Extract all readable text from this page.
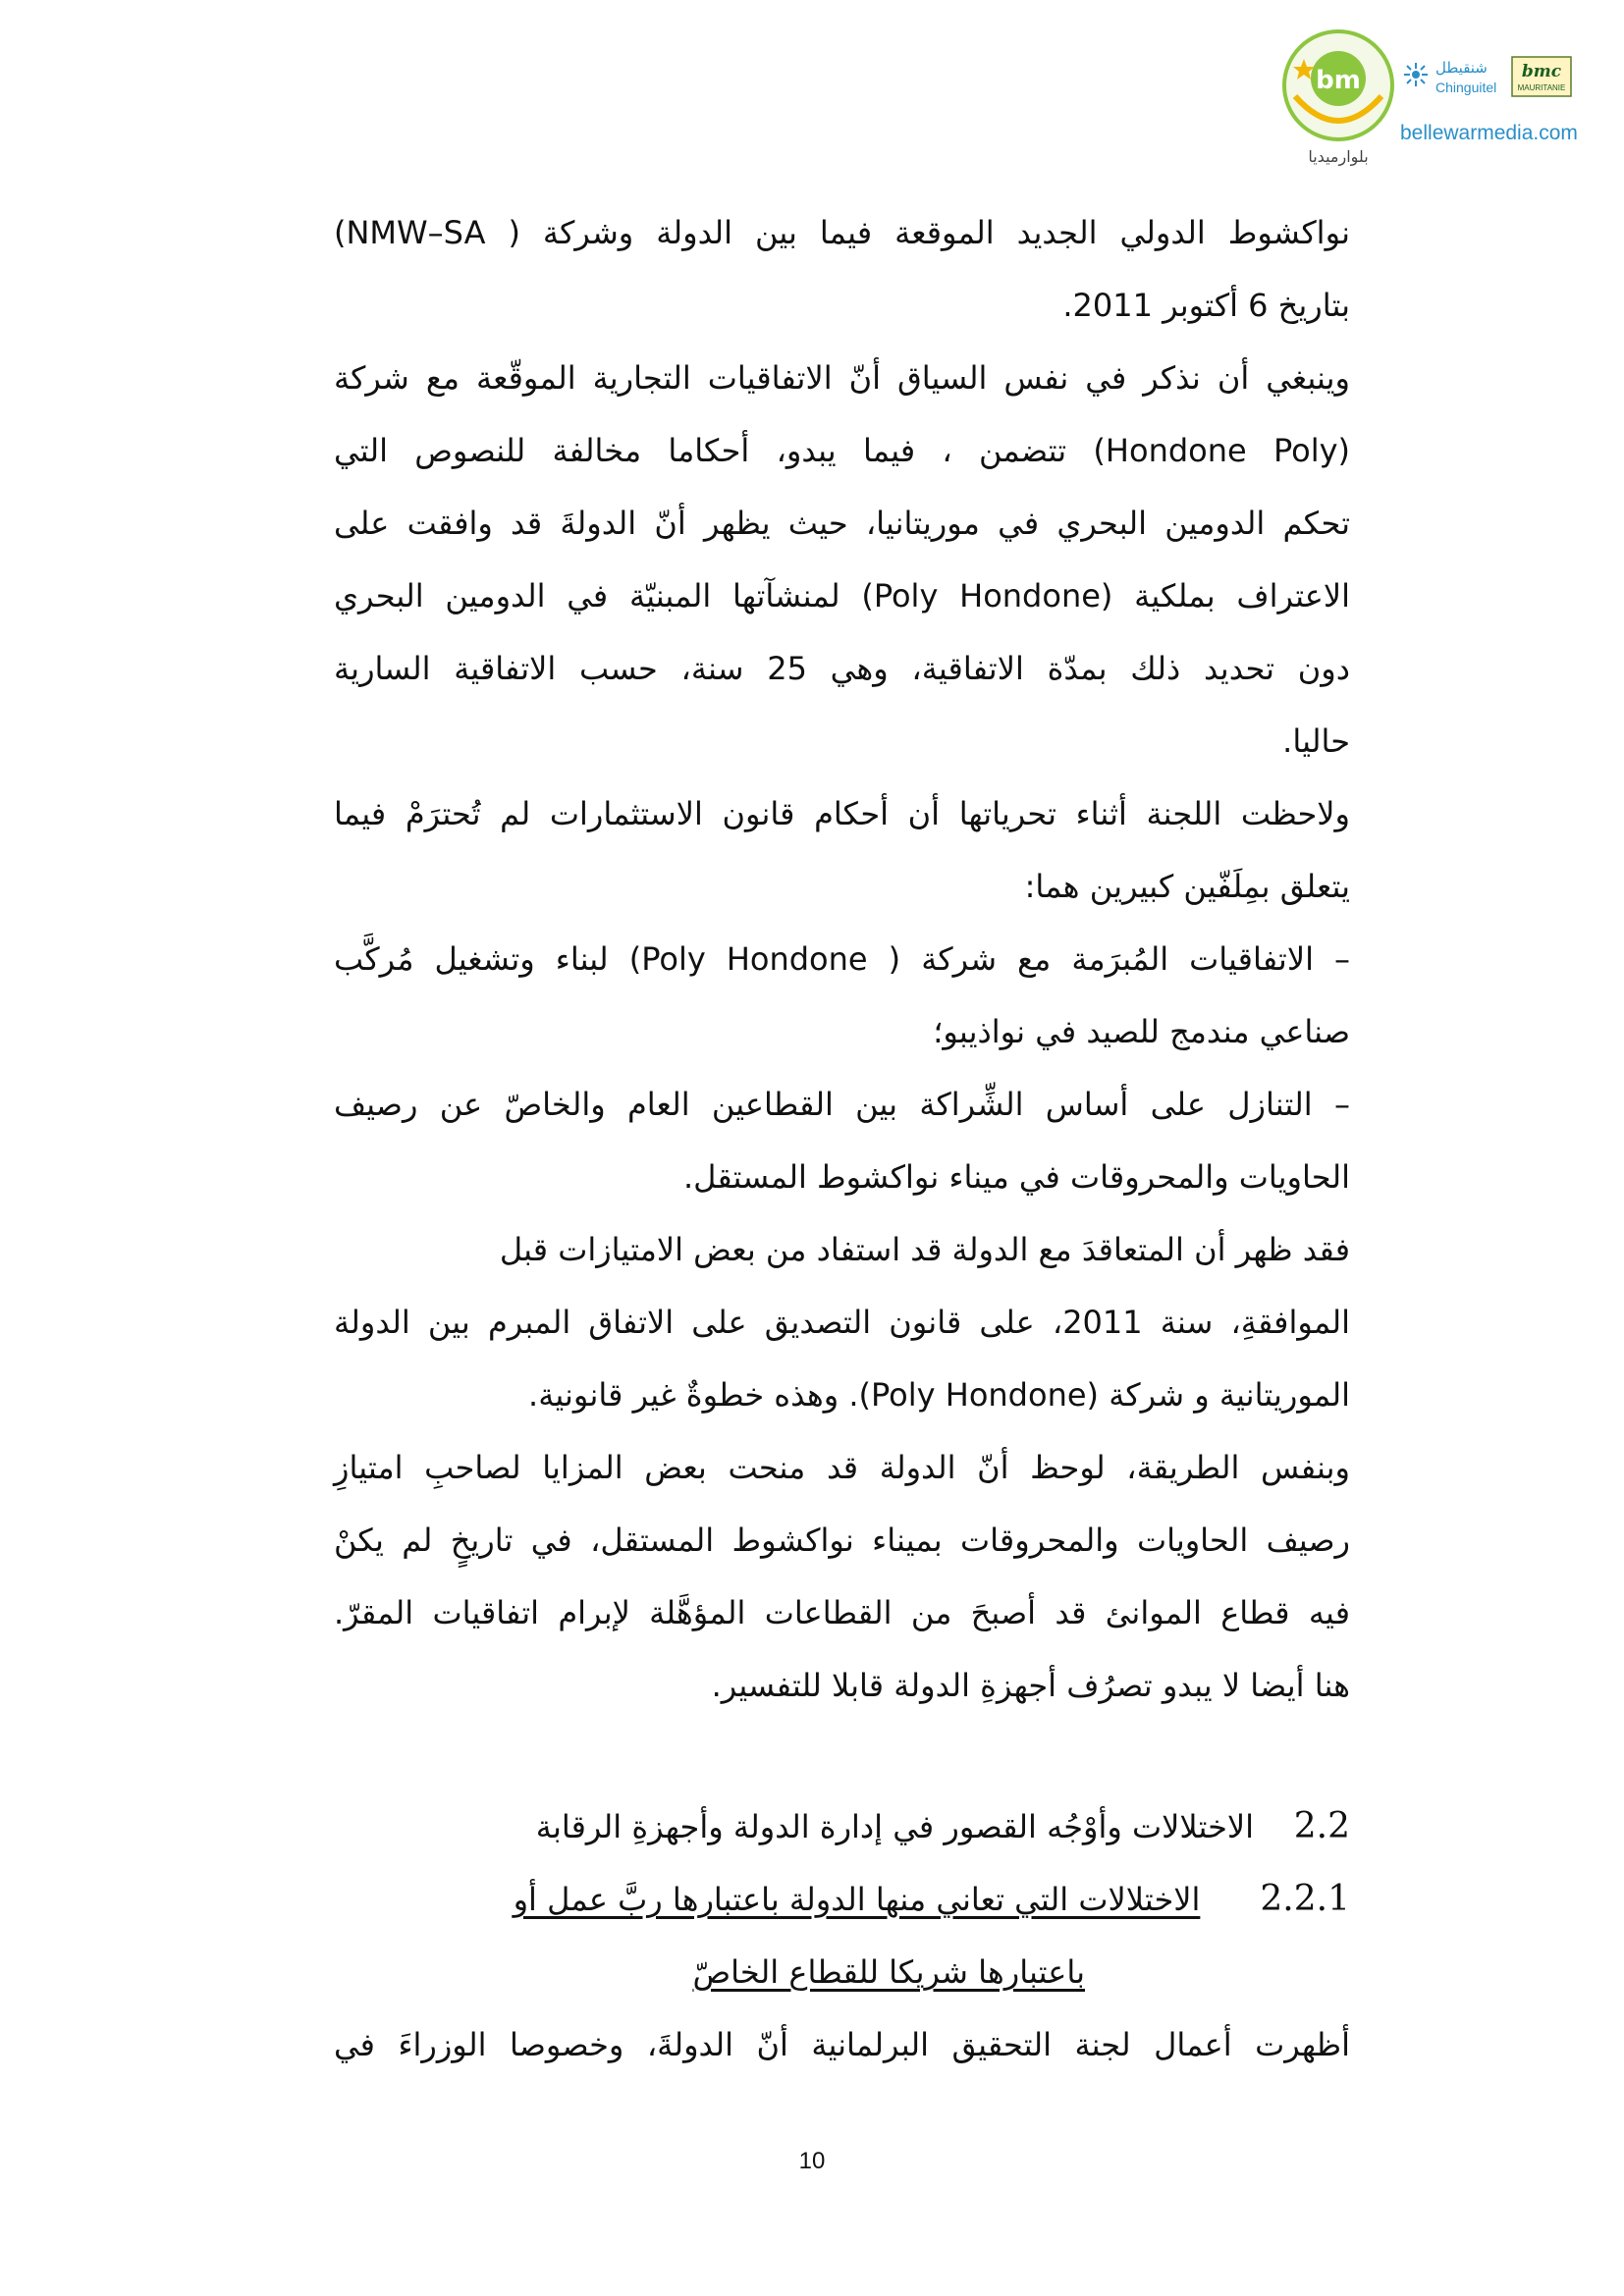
bm
بلوارميديا
شنقيطل
Chinguitel
bmc
MAURITANIE
bellewarmedia.com
نواكشوط الدولي الجديد الموقعة فيما بين الدولة وشركة ( NMW–SA)
بتاريخ 6 أكتوبر 2011.
وينبغي أن نذكر في نفس السياق أنّ الاتفاقيات التجارية الموقّعة مع شركة
(Hondone Poly) تتضمن ، فيما يبدو، أحكاما مخالفة للنصوص التي
تحكم الدومين البحري في موريتانيا، حيث يظهر أنّ الدولةَ قد وافقت على
الاعتراف بملكية (Poly Hondone) لمنشآتها المبنيّة في الدومين البحري
دون تحديد ذلك بمدّة الاتفاقية، وهي 25 سنة، حسب الاتفاقية السارية
حاليا.
ولاحظت اللجنة أثناء تحرياتها أن أحكام قانون الاستثمارات لم تُحترَمْ فيما
يتعلق بمِلَفّين كبيرين هما:
– الاتفاقيات المُبرَمة مع شركة ( Poly Hondone) لبناء وتشغيل مُركَّب
صناعي مندمج للصيد في نواذيبو؛
– التنازل على أساس الشِّراكة بين القطاعين العام والخاصّ عن رصيف
الحاويات والمحروقات في ميناء نواكشوط المستقل.
فقد ظهر أن المتعاقدَ مع الدولة قد استفاد من بعض الامتيازات قبل
الموافقةِ، سنة 2011، على قانون التصديق على الاتفاق المبرم بين الدولة
الموريتانية و شركة (Poly Hondone). وهذه خطوةٌ غير قانونية.
وبنفس الطريقة، لوحظ أنّ الدولة قد منحت بعض المزايا لصاحبِ امتيازِ
رصيف الحاويات والمحروقات بميناء نواكشوط المستقل، في تاريخٍ لم يكنْ
فيه قطاع الموانئ قد أصبحَ من القطاعات المؤهَّلة لإبرام اتفاقيات المقرّ.
هنا أيضا لا يبدو تصرُف أجهزةِ الدولة قابلا للتفسير.
2.2    الاختلالات وأوْجُه القصور في إدارة الدولة وأجهزةِ الرقابة
2.2.1      الاختلالات التي تعاني منها الدولة باعتبارها ربَّ عمل أو
باعتبارها شريكا للقطاع الخاصّ
أظهرت أعمال لجنة التحقيق البرلمانية أنّ الدولةَ، وخصوصا الوزراءَ في
10
